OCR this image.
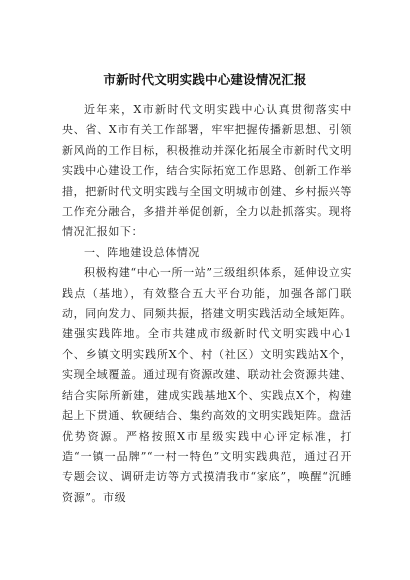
市新时代文明实践中心建设情况汇报

近年来，X市新时代文明实践中心认真贯彻落实中央、省、X市有关工作部署，牢牢把握传播新思想、引领新风尚的工作目标，积极推动并深化拓展全市新时代文明实践中心建设工作，结合实际拓宽工作思路、创新工作举措，把新时代文明实践与全国文明城市创建、乡村振兴等工作充分融合，多措并举促创新，全力以赴抓落实。现将情况汇报如下：

一、阵地建设总体情况

积极构建“中心一所一站”三级组织体系，延伸设立实践点（基地），有效整合五大平台功能，加强各部门联动，同向发力、同频共振，搭建文明实践活动全域矩阵。建强实践阵地。全市共建成市级新时代文明实践中心1个、乡镇文明实践所X个、村（社区）文明实践站X个，实现全域覆盖。通过现有资源改建、联动社会资源共建、结合实际所新建，建成实践基地X个、实践点X个，构建起上下贯通、软硬结合、集约高效的文明实践矩阵。盘活优势资源。严格按照X市星级实践中心评定标准，打造“一镇一品牌”“一村一特色”文明实践典范，通过召开专题会议、调研走访等方式摸清我市“家底”，唤醒“沉睡资源”。市级
